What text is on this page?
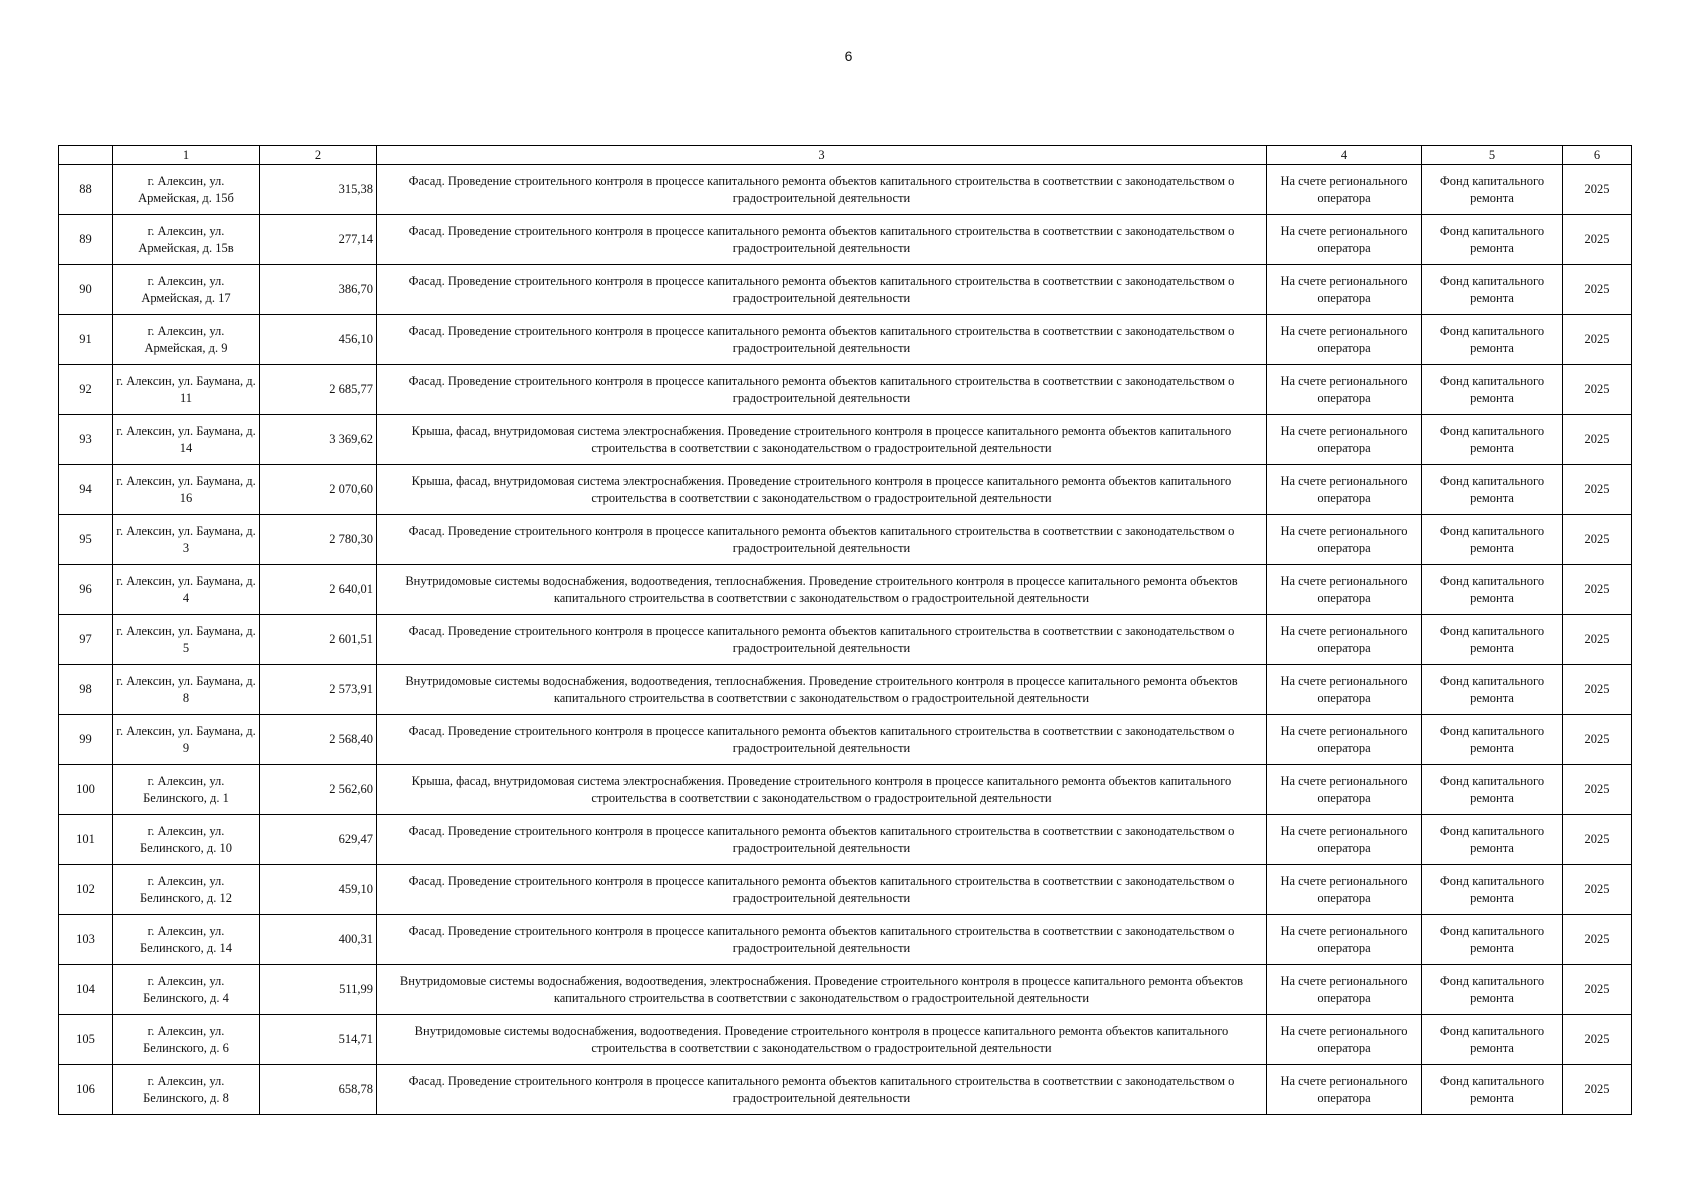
6
	1	2	3	4	5	6
88	г. Алексин, ул. Армейская, д. 15б	315,38	Фасад. Проведение строительного контроля в процессе капитального ремонта объектов капитального строительства в соответствии с законодательством о градостроительной деятельности	На счете регионального оператора	Фонд капитального ремонта	2025
89	г. Алексин, ул. Армейская, д. 15в	277,14	Фасад. Проведение строительного контроля в процессе капитального ремонта объектов капитального строительства в соответствии с законодательством о градостроительной деятельности	На счете регионального оператора	Фонд капитального ремонта	2025
90	г. Алексин, ул. Армейская, д. 17	386,70	Фасад. Проведение строительного контроля в процессе капитального ремонта объектов капитального строительства в соответствии с законодательством о градостроительной деятельности	На счете регионального оператора	Фонд капитального ремонта	2025
91	г. Алексин, ул. Армейская, д. 9	456,10	Фасад. Проведение строительного контроля в процессе капитального ремонта объектов капитального строительства в соответствии с законодательством о градостроительной деятельности	На счете регионального оператора	Фонд капитального ремонта	2025
92	г. Алексин, ул. Баумана, д. 11	2 685,77	Фасад. Проведение строительного контроля в процессе капитального ремонта объектов капитального строительства в соответствии с законодательством о градостроительной деятельности	На счете регионального оператора	Фонд капитального ремонта	2025
93	г. Алексин, ул. Баумана, д. 14	3 369,62	Крыша, фасад, внутридомовая система электроснабжения. Проведение строительного контроля в процессе капитального ремонта объектов капитального строительства в соответствии с законодательством о градостроительной деятельности	На счете регионального оператора	Фонд капитального ремонта	2025
94	г. Алексин, ул. Баумана, д. 16	2 070,60	Крыша, фасад, внутридомовая система электроснабжения. Проведение строительного контроля в процессе капитального ремонта объектов капитального строительства в соответствии с законодательством о градостроительной деятельности	На счете регионального оператора	Фонд капитального ремонта	2025
95	г. Алексин, ул. Баумана, д. 3	2 780,30	Фасад. Проведение строительного контроля в процессе капитального ремонта объектов капитального строительства в соответствии с законодательством о градостроительной деятельности	На счете регионального оператора	Фонд капитального ремонта	2025
96	г. Алексин, ул. Баумана, д. 4	2 640,01	Внутридомовые системы водоснабжения, водоотведения, теплоснабжения. Проведение строительного контроля в процессе капитального ремонта объектов капитального строительства в соответствии с законодательством о градостроительной деятельности	На счете регионального оператора	Фонд капитального ремонта	2025
97	г. Алексин, ул. Баумана, д. 5	2 601,51	Фасад. Проведение строительного контроля в процессе капитального ремонта объектов капитального строительства в соответствии с законодательством о градостроительной деятельности	На счете регионального оператора	Фонд капитального ремонта	2025
98	г. Алексин, ул. Баумана, д. 8	2 573,91	Внутридомовые системы водоснабжения, водоотведения, теплоснабжения. Проведение строительного контроля в процессе капитального ремонта объектов капитального строительства в соответствии с законодательством о градостроительной деятельности	На счете регионального оператора	Фонд капитального ремонта	2025
99	г. Алексин, ул. Баумана, д. 9	2 568,40	Фасад. Проведение строительного контроля в процессе капитального ремонта объектов капитального строительства в соответствии с законодательством о градостроительной деятельности	На счете регионального оператора	Фонд капитального ремонта	2025
100	г. Алексин, ул. Белинского, д. 1	2 562,60	Крыша, фасад, внутридомовая система электроснабжения. Проведение строительного контроля в процессе капитального ремонта объектов капитального строительства в соответствии с законодательством о градостроительной деятельности	На счете регионального оператора	Фонд капитального ремонта	2025
101	г. Алексин, ул. Белинского, д. 10	629,47	Фасад. Проведение строительного контроля в процессе капитального ремонта объектов капитального строительства в соответствии с законодательством о градостроительной деятельности	На счете регионального оператора	Фонд капитального ремонта	2025
102	г. Алексин, ул. Белинского, д. 12	459,10	Фасад. Проведение строительного контроля в процессе капитального ремонта объектов капитального строительства в соответствии с законодательством о градостроительной деятельности	На счете регионального оператора	Фонд капитального ремонта	2025
103	г. Алексин, ул. Белинского, д. 14	400,31	Фасад. Проведение строительного контроля в процессе капитального ремонта объектов капитального строительства в соответствии с законодательством о градостроительной деятельности	На счете регионального оператора	Фонд капитального ремонта	2025
104	г. Алексин, ул. Белинского, д. 4	511,99	Внутридомовые системы водоснабжения, водоотведения, электроснабжения. Проведение строительного контроля в процессе капитального ремонта объектов капитального строительства в соответствии с законодательством о градостроительной деятельности	На счете регионального оператора	Фонд капитального ремонта	2025
105	г. Алексин, ул. Белинского, д. 6	514,71	Внутридомовые системы водоснабжения, водоотведения. Проведение строительного контроля в процессе капитального ремонта объектов капитального строительства в соответствии с законодательством о градостроительной деятельности	На счете регионального оператора	Фонд капитального ремонта	2025
106	г. Алексин, ул. Белинского, д. 8	658,78	Фасад. Проведение строительного контроля в процессе капитального ремонта объектов капитального строительства в соответствии с законодательством о градостроительной деятельности	На счете регионального оператора	Фонд капитального ремонта	2025
